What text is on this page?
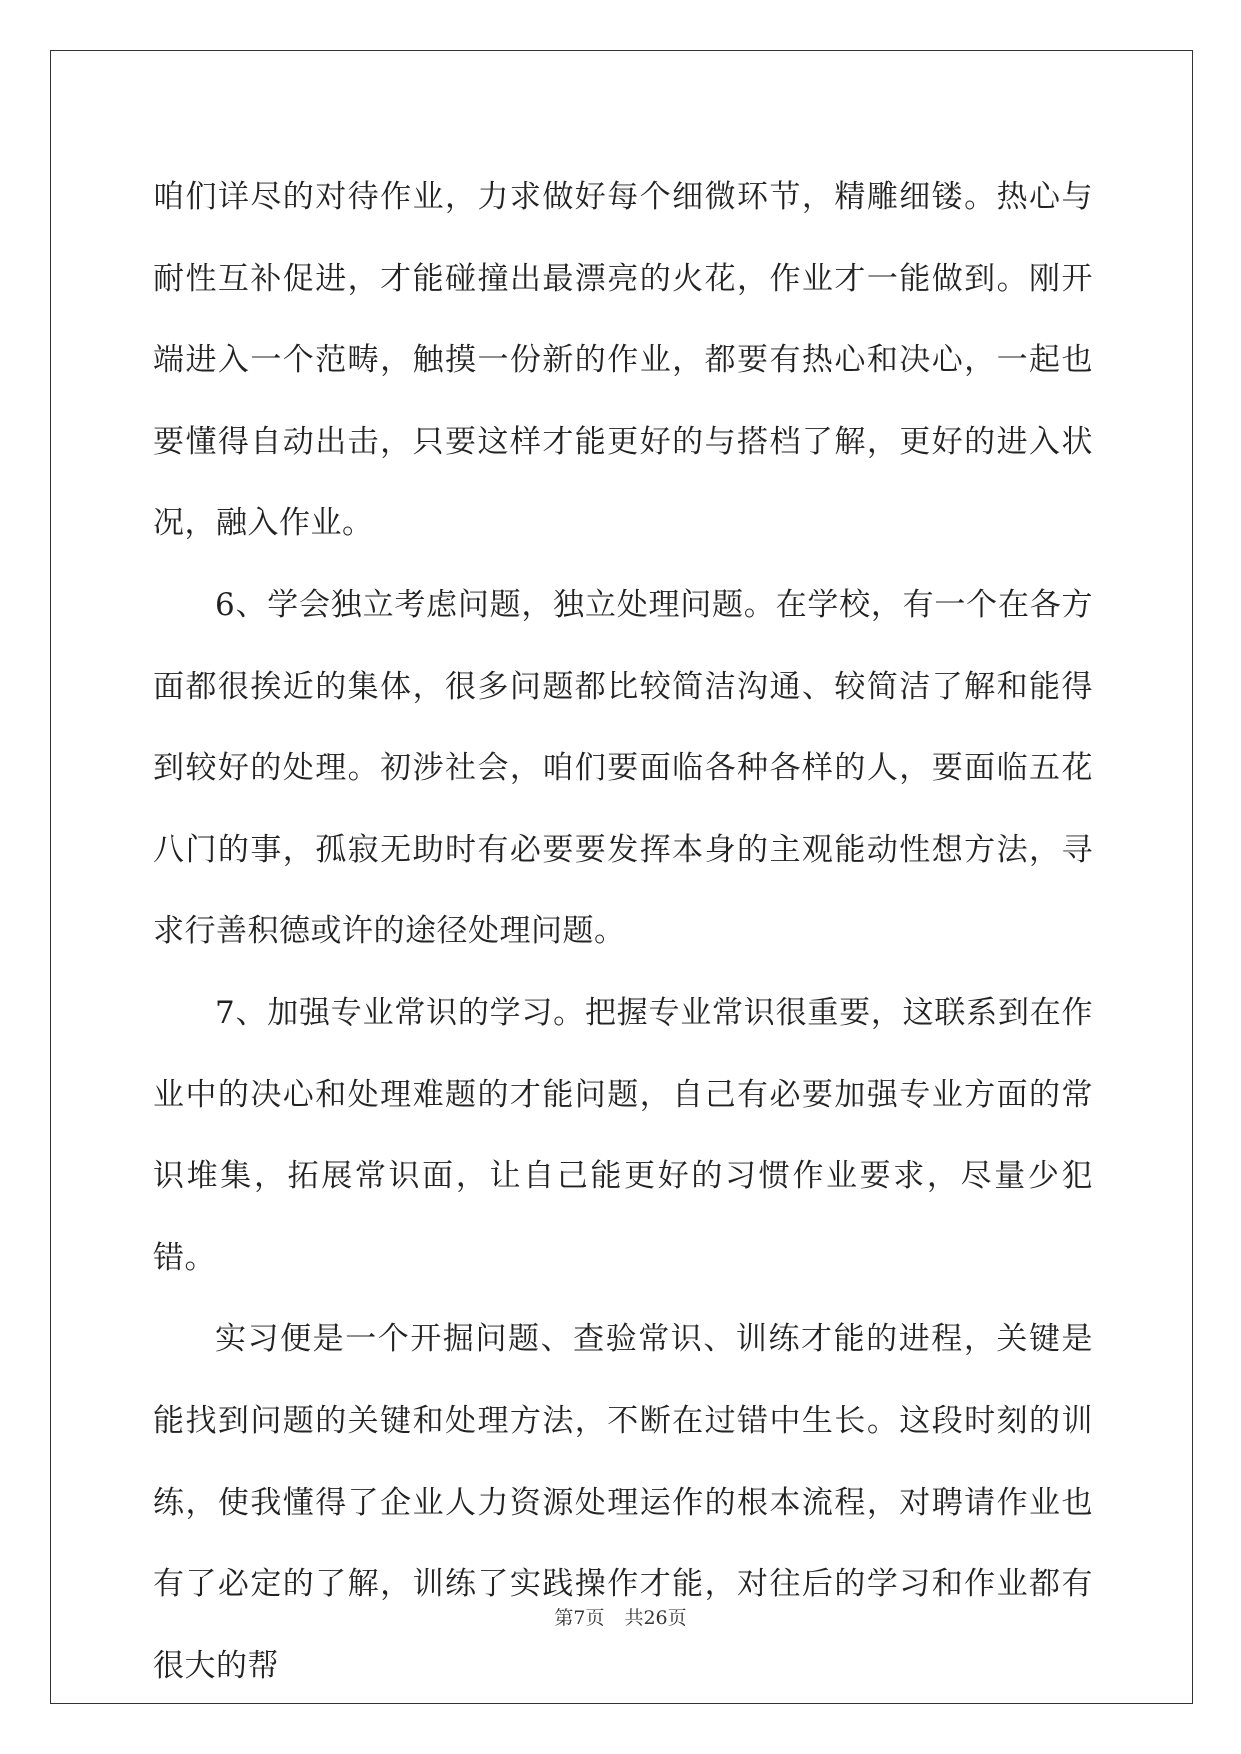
咱们详尽的对待作业，力求做好每个细微环节，精雕细镂。热心与耐性互补促进，才能碰撞出最漂亮的火花，作业才一能做到。刚开端进入一个范畴，触摸一份新的作业，都要有热心和决心，一起也要懂得自动出击，只要这样才能更好的与搭档了解，更好的进入状况，融入作业。

6、学会独立考虑问题，独立处理问题。在学校，有一个在各方面都很挨近的集体，很多问题都比较简洁沟通、较简洁了解和能得到较好的处理。初涉社会，咱们要面临各种各样的人，要面临五花八门的事，孤寂无助时有必要要发挥本身的主观能动性想方法，寻求行善积德或许的途径处理问题。

7、加强专业常识的学习。把握专业常识很重要，这联系到在作业中的决心和处理难题的才能问题，自己有必要加强专业方面的常识堆集，拓展常识面，让自己能更好的习惯作业要求，尽量少犯错。

实习便是一个开掘问题、查验常识、训练才能的进程，关键是能找到问题的关键和处理方法，不断在过错中生长。这段时刻的训练，使我懂得了企业人力资源处理运作的根本流程，对聘请作业也有了必定的了解，训练了实践操作才能，对往后的学习和作业都有很大的帮

第7页 共26页
